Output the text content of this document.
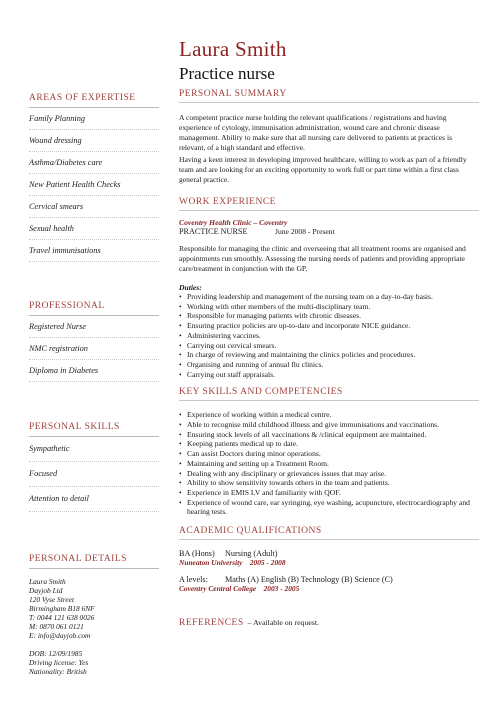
Laura Smith
Practice nurse
AREAS OF EXPERTISE
Family Planning
Wound dressing
Asthma/Diabetes care
New Patient Health Checks
Cervical smears
Sexual health
Travel immunisations
PROFESSIONAL
Registered Nurse
NMC registration
Diploma in Diabetes
PERSONAL SKILLS
Sympathetic
Focused
Attention to detail
PERSONAL DETAILS
Laura Smith
Dayjob Ltd
120 Vyse Street
Birmingham B18 6NF
T: 0044 121 638 0026
M: 0870 061 0121
E: info@dayjob.com
DOB: 12/09/1985
Driving license: Yes
Nationality: British
PERSONAL SUMMARY

A competent practice nurse holding the relevant qualifications / registrations and having experience of cytology, immunisation administration, wound care and chronic disease management. Ability to make sure that all nursing care delivered to patients at practices is relevant, of a high standard and effective.

Having a keen interest in developing improved healthcare, willing to work as part of a friendly team and are looking for an exciting opportunity to work full or part time within a first class general practice.

WORK EXPERIENCE
Coventry Health Clinic – Coventry
PRACTICE NURSE	June 2008 - Present

Responsible for managing the clinic and overseeing that all treatment rooms are organised and appointments run smoothly. Assessing the nursing needs of patients and providing appropriate care/treatment in conjunction with the GP.

Duties:
• Providing leadership and management of the nursing team on a day-to-day basis.
• Working with other members of the multi-disciplinary team.
• Responsible for managing patients with chronic diseases.
• Ensuring practice policies are up-to-date and incorporate NICE guidance.
• Administering vaccines.
• Carrying out cervical smears.
• In charge of reviewing and maintaining the clinics policies and procedures.
• Organising and running of annual flu clinics.
• Carrying out staff appraisals.
KEY SKILLS AND COMPETENCIES
• Experience of working within a medical centre.
• Able to recognise mild childhood illness and give immunisations and vaccinations.
• Ensuring stock levels of all vaccinations & /clinical equipment are maintained.
• Keeping patients medical up to date.
• Can assist Doctors during minor operations.
• Maintaining and setting up a Treatment Room.
• Dealing with any disciplinary or grievances issues that may arise.
• Ability to show sensitivity towards others in the team and patients.
• Experience in EMIS LV and familiarity with QOF.
• Experience of wound care, ear syringing, eye washing, acupuncture, electrocardiography and hearing tests.
ACADEMIC QUALIFICATIONS
BA (Hons) Nursing (Adult)
Nuneaton University 2005 - 2008
A levels: Maths (A) English (B) Technology (B) Science (C)
Coventry Central College 2003 - 2005
REFERENCES – Available on request.
